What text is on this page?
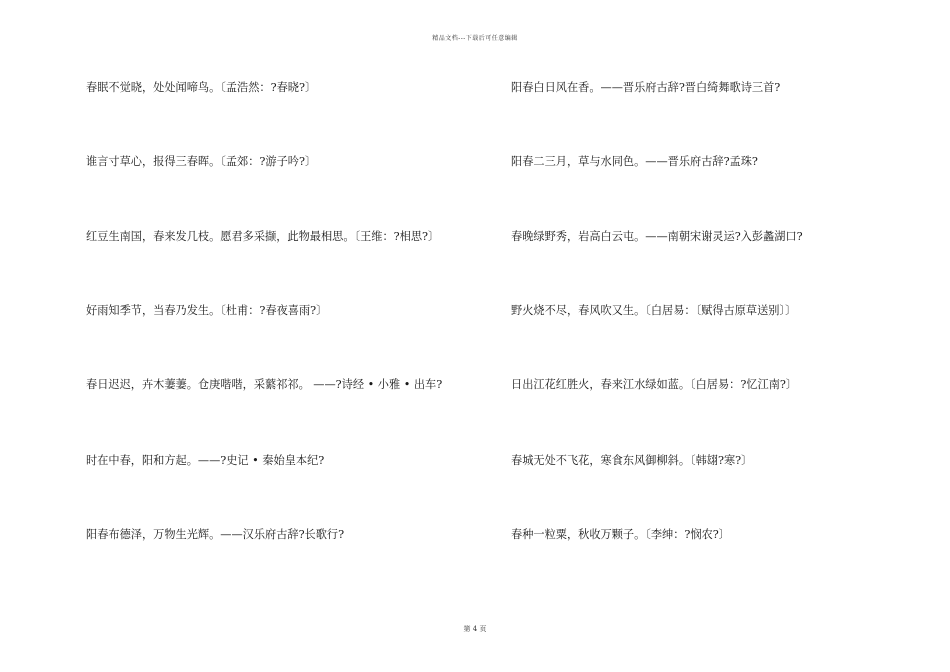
精品文档---下载后可任意编辑
春眠不觉晓，处处闻啼鸟。〔孟浩然：?春晓?〕
谁言寸草心，报得三春晖。〔孟郊：?游子吟?〕
红豆生南国，春来发几枝。愿君多采撷，此物最相思。〔王维：?相思?〕
好雨知季节，当春乃发生。〔杜甫：?春夜喜雨?〕
春日迟迟，卉木萋萋。仓庚喈喈，采蘩祁祁。 ——?诗经 • 小雅 • 出车?
时在中春，阳和方起。——?史记 • 秦始皇本纪?
阳春布德泽，万物生光辉。——汉乐府古辞?长歌行?
阳春白日风在香。——晋乐府古辞?晋白绮舞歌诗三首?
阳春二三月，草与水同色。——晋乐府古辞?孟珠?
春晚绿野秀，岩高白云屯。——南朝宋谢灵运?入彭蠡湖口?
野火烧不尽，春风吹又生。〔白居易：〔赋得古原草送别〕〕
日出江花红胜火，春来江水绿如蓝。〔白居易：?忆江南?〕
春城无处不飞花，寒食东风御柳斜。〔韩翃?寒?〕
春种一粒粟，秋收万颗子。〔李绅：?悯农?〕
第 4 页
